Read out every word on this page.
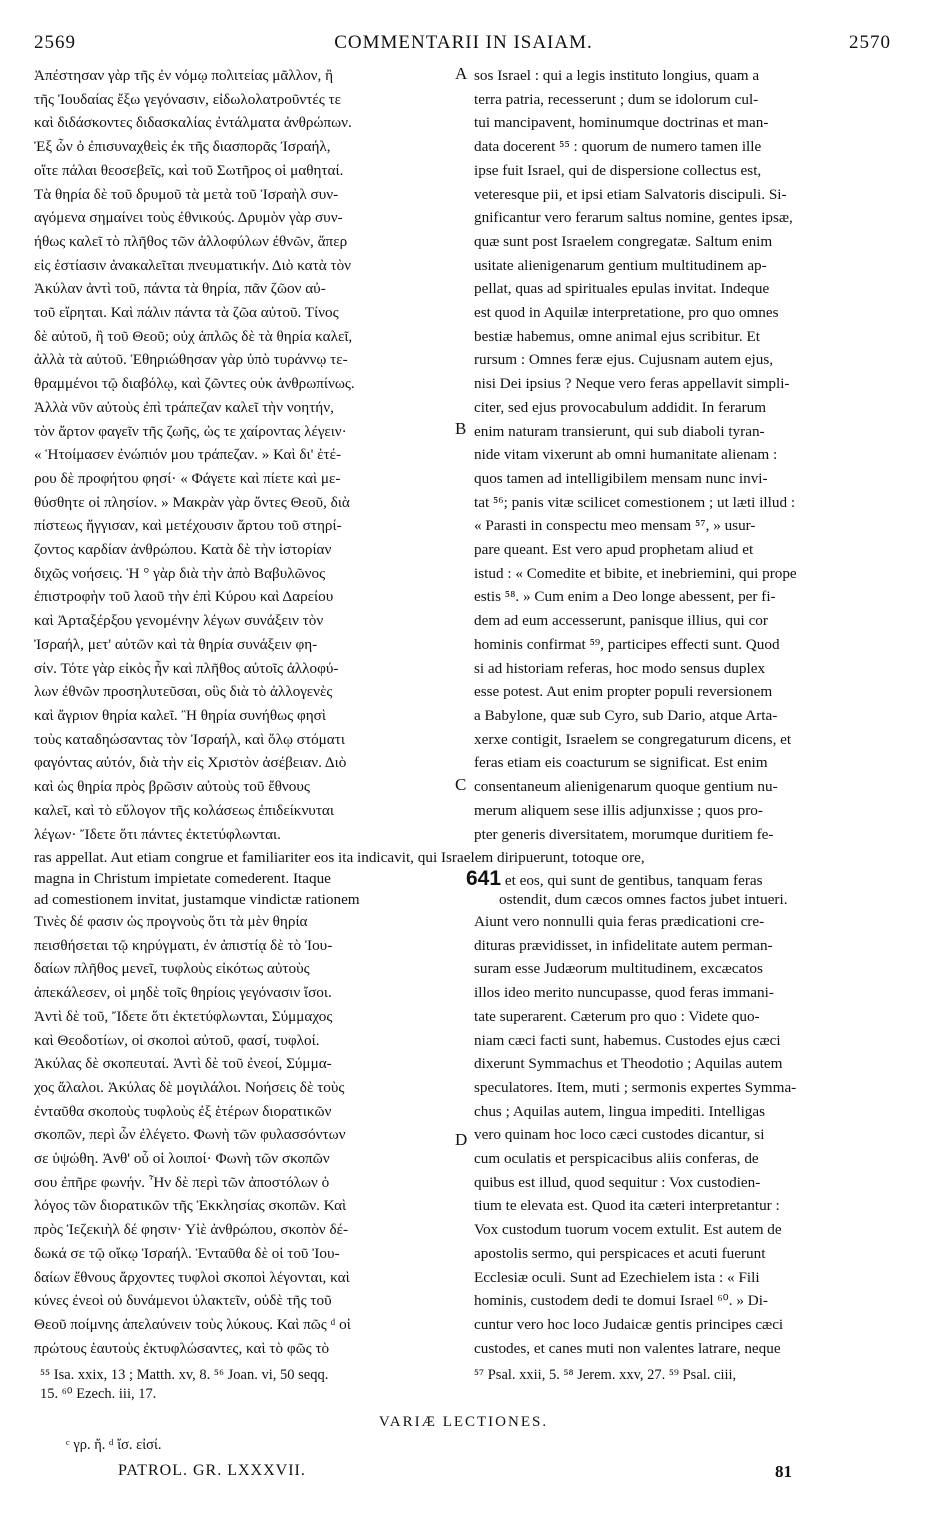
2569	COMMENTARII IN ISAIAM.	2570
Ἀπέστησαν γὰρ τῆς ἐν νόμῳ πολιτείας μᾶλλον, ἢ
τῆς Ἰουδαίας ἔξω γεγόνασιν, εἰδωλολατροῦντές τε
καὶ διδάσκοντες διδασκαλίας ἐντάλματα ἀνθρώπων.
Ἐξ ὧν ὁ ἐπισυναχθεὶς ἐκ τῆς διασπορᾶς Ἰσραήλ,
οἵτε πάλαι θεοσεβεῖς, καὶ τοῦ Σωτῆρος οἱ μαθηταί.
Τὰ θηρία δὲ τοῦ δρυμοῦ τὰ μετὰ τοῦ Ἰσραὴλ συν-
αγόμενα σημαίνει τοὺς ἐθνικούς. Δρυμὸν γὰρ συν-
ήθως καλεῖ τὸ πλῆθος τῶν ἀλλοφύλων ἐθνῶν, ἅπερ
εἰς ἑστίασιν ἀνακαλεῖται πνευματικήν. Διὸ κατὰ τὸν
Ἀκύλαν ἀντὶ τοῦ, πάντα τὰ θηρία, πᾶν ζῶον αὐ-
τοῦ εἴρηται. Καὶ πάλιν πάντα τὰ ζῶα αὐτοῦ. Τίνος
δὲ αὐτοῦ, ἢ τοῦ Θεοῦ; οὐχ ἁπλῶς δὲ τὰ θηρία καλεῖ,
ἀλλὰ τὰ αὐτοῦ. Ἐθηριώθησαν γὰρ ὑπὸ τυράννῳ τε-
θραμμένοι τῷ διαβόλῳ, καὶ ζῶντες οὐκ ἀνθρωπίνως.
Ἀλλὰ νῦν αὐτοὺς ἐπὶ τράπεζαν καλεῖ τὴν νοητήν,
τὸν ἄρτον φαγεῖν τῆς ζωῆς, ὡς τε χαίροντας λέγειν·
« Ἡτοίμασεν ἐνώπιόν μου τράπεζαν. » Καὶ δι' ἑτέ-
ρου δὲ προφήτου φησί· « Φάγετε καὶ πίετε καὶ με-
θύσθητε οἱ πλησίον. » Μακρὰν γὰρ ὄντες Θεοῦ, διὰ
πίστεως ἤγγισαν, καὶ μετέχουσιν ἄρτου τοῦ στηρί-
ζοντος καρδίαν ἀνθρώπου. Κατὰ δὲ τὴν ἱστορίαν
διχῶς νοήσεις. Ἡ ° γὰρ διὰ τὴν ἀπὸ Βαβυλῶνος
ἐπιστροφὴν τοῦ λαοῦ τὴν ἐπὶ Κύρου καὶ Δαρείου
καὶ Ἀρταξέρξου γενομένην λέγων συνάξειν τὸν
Ἰσραήλ, μετ' αὐτῶν καὶ τὰ θηρία συνάξειν φη-
σίν. Τότε γὰρ εἰκὸς ἦν καὶ πλῆθος αὐτοῖς ἀλλοφύ-
λων ἐθνῶν προσηλυτεῦσαι, οὓς διὰ τὸ ἀλλογενὲς
καὶ ἄγριον θηρία καλεῖ. Ἢ θηρία συνήθως φησὶ
τοὺς καταδηώσαντας τὸν Ἰσραήλ, καὶ ὅλῳ στόματι
φαγόντας αὐτόν, διὰ τὴν εἰς Χριστὸν ἀσέβειαν. Διὸ
καὶ ὡς θηρία πρὸς βρῶσιν αὐτοὺς τοῦ ἔθνους
καλεῖ, καὶ τὸ εὔλογον τῆς κολάσεως ἐπιδείκνυται
λέγων· Ἴδετε ὅτι πάντες ἐκτετύφλωνται.
sos Israel : qui a legis instituto longius, quam a
terra patria, recesserunt ; dum se idolorum cul-
tui mancipavent, hominumque doctrinas et man-
data docerent ⁵⁵ : quorum de numero tamen ille
ipse fuit Israel, qui de dispersione collectus est,
veteresque pii, et ipsi etiam Salvatoris discipuli. Si-
gnificantur vero ferarum saltus nomine, gentes ipsæ,
quæ sunt post Israelem congregatæ. Saltum enim
usitate alienigenarum gentium multitudinem ap-
pellat, quas ad spirituales epulas invitat. Indeque
est quod in Aquilæ interpretatione, pro quo omnes
bestiæ habemus, omne animal ejus scribitur. Et
rursum : Omnes feræ ejus. Cujusnam autem ejus,
nisi Dei ipsius ? Neque vero feras appellavit simpli-
citer, sed ejus provocabulum addidit. In ferarum
enim naturam transierunt, qui sub diaboli tyran-
nide vitam vixerunt ab omni humanitate alienam :
quos tamen ad intelligibilem mensam nunc invi-
tat ⁵⁶; panis vitæ scilicet comestionem ; ut læti illud :
« Parasti in conspectu meo mensam ⁵⁷, » usur-
pare queant. Est vero apud prophetam aliud et
istud : « Comedite et bibite, et inebriemini, qui prope
estis ⁵⁸. » Cum enim a Deo longe abessent, per fi-
dem ad eum accesserunt, panisque illius, qui cor
hominis confirmat ⁵⁹, participes effecti sunt. Quod
si ad historiam referas, hoc modo sensus duplex
esse potest. Aut enim propter populi reversionem
a Babylone, quæ sub Cyro, sub Dario, atque Arta-
xerxe contigit, Israelem se congregaturum dicens, et
feras etiam eis coacturum se significat. Est enim
consentaneum alienigenarum quoque gentium nu-
merum aliquem sese illis adjunxisse ; quos pro-
pter generis diversitatem, morumque duritiem fe-
A
B
C
D
ras appellat. Aut etiam congrue et familiariter eos ita indicavit, qui Israelem diripuerunt, totoque ore,
magna in Christum impietate comederent. Itaque	641 et eos, qui sunt de gentibus, tanquam feras
ad comestionem invitat, justamque vindictæ rationem	ostendit, dum cæcos omnes factos jubet intueri.
Τινὲς δέ φασιν ὡς προγνοὺς ὅτι τὰ μὲν θηρία
πεισθήσεται τῷ κηρύγματι, ἐν ἀπιστίᾳ δὲ τὸ Ἰου-
δαίων πλῆθος μενεῖ, τυφλοὺς εἰκότως αὐτοὺς
ἀπεκάλεσεν, οἱ μηδὲ τοῖς θηρίοις γεγόνασιν ἴσοι.
Ἀντὶ δὲ τοῦ, Ἴδετε ὅτι ἐκτετύφλωνται, Σύμμαχος
καὶ Θεοδοτίων, οἱ σκοποὶ αὐτοῦ, φασί, τυφλοί.
Ἀκύλας δὲ σκοπευταί. Ἀντὶ δὲ τοῦ ἐνεοί, Σύμμα-
χος ἄλαλοι. Ἀκύλας δὲ μογιλάλοι. Νοήσεις δὲ τοὺς
ἐνταῦθα σκοποὺς τυφλοὺς ἐξ ἑτέρων διορατικῶν
σκοπῶν, περὶ ὧν ἐλέγετο. Φωνὴ τῶν φυλασσόντων
σε ὑψώθη. Ἀνθ' οὗ οἱ λοιποί· Φωνὴ τῶν σκοπῶν
σου ἐπῆρε φωνήν. Ἦν δὲ περὶ τῶν ἀποστόλων ὁ
λόγος τῶν διορατικῶν τῆς Ἐκκλησίας σκοπῶν. Καὶ
πρὸς Ἰεζεκιὴλ δέ φησιν· Υἱὲ ἀνθρώπου, σκοπὸν δέ-
δωκά σε τῷ οἴκῳ Ἰσραήλ. Ἐνταῦθα δὲ οἱ τοῦ Ἰου-
δαίων ἔθνους ἄρχοντες τυφλοὶ σκοποὶ λέγονται, καὶ
κύνες ἐνεοὶ οὐ δυνάμενοι ὑλακτεῖν, οὐδὲ τῆς τοῦ
Θεοῦ ποίμνης ἀπελαύνειν τοὺς λύκους. Καὶ πῶς ᵈ οἱ
πρώτους ἑαυτοὺς ἐκτυφλώσαντες, καὶ τὸ φῶς τὸ
Aiunt vero nonnulli quia feras prædicationi cre-
dituras prævidisset, in infidelitate autem perman-
suram esse Judæorum multitudinem, excæcatos
illos ideo merito nuncupasse, quod feras immani-
tate superarent. Cæterum pro quo : Videte quo-
niam cæci facti sunt, habemus. Custodes ejus cæci
dixerunt Symmachus et Theodotio ; Aquilas autem
speculatores. Item, muti ; sermonis expertes Symma-
chus ; Aquilas autem, lingua impediti. Intelligas
vero quinam hoc loco cæci custodes dicantur, si
cum oculatis et perspicacibus aliis conferas, de
quibus est illud, quod sequitur : Vox custodien-
tium te elevata est. Quod ita cæteri interpretantur :
Vox custodum tuorum vocem extulit. Est autem de
apostolis sermo, qui perspicaces et acuti fuerunt
Ecclesiæ oculi. Sunt ad Ezechielem ista : « Fili
hominis, custodem dedi te domui Israel ⁶⁰. » Di-
cuntur vero hoc loco Judaicæ gentis principes cæci
custodes, et canes muti non valentes latrare, neque
⁵⁵ Isa. xxix, 13 ; Matth. xv, 8. ⁵⁶ Joan. vi, 50 seqq.
15. ⁶⁰ Ezech. iii, 17.
⁵⁷ Psal. xxii, 5. ⁵⁸ Jerem. xxv, 27. ⁵⁹ Psal. ciii,
VARIÆ LECTIONES.
ᶜ γρ. ἤ. ᵈ ἴσ. εἰσί.
PATROL. GR. LXXXVII.	81
